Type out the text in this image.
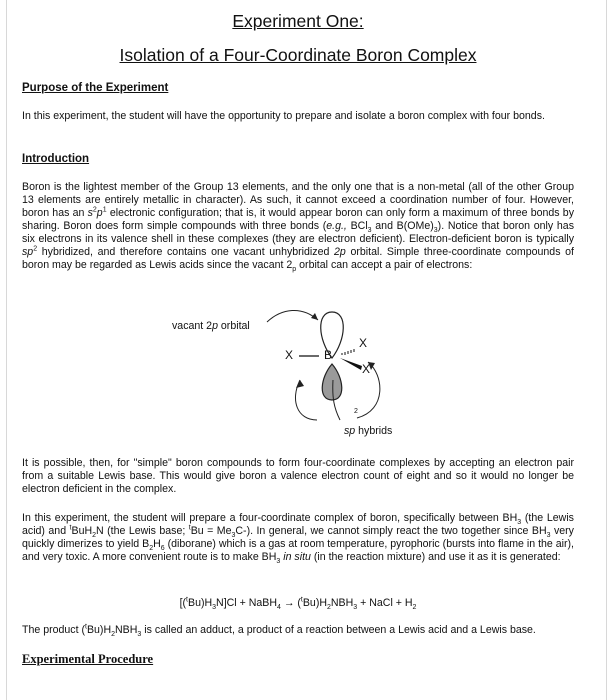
Experiment One:
Isolation of a Four-Coordinate Boron Complex
Purpose of the Experiment
In this experiment, the student will have the opportunity to prepare and isolate a boron complex with four bonds.
Introduction
Boron is the lightest member of the Group 13 elements, and the only one that is a non-metal (all of the other Group 13 elements are entirely metallic in character). As such, it cannot exceed a coordination number of four. However, boron has an $s^2p^1$ electronic configuration; that is, it would appear boron can only form a maximum of three bonds by sharing. Boron does form simple compounds with three bonds (e.g., BCl$_3$ and $B(OMe)_3$). Notice that boron only has six electrons in its valence shell in these complexes (they are electron deficient). Electron-deficient boron is typically $sp^2$ hybridized, and therefore contains one vacant unhybridized 2p orbital. Simple three-coordinate compounds of boron may be regarded as Lewis acids since the vacant $2_p$ orbital can accept a pair of electrons:
vacant 2p orbital
X	B
X
X
2
sp hybrids
It is possible, then, for "simple" boron compounds to form four-coordinate complexes by accepting an electron pair from a suitable Lewis base. This would give boron a valence electron count of eight and so it would no longer be electron deficient in the complex.
In this experiment, the student will prepare a four-coordinate complex of boron, specifically between $BH_3$ (the Lewis acid) and $^t$BuH$_2$N (the Lewis base; $^tBu = Me_3C-$). In general, we cannot simply react the two together since $BH_3$ very quickly dimerizes to yield $B_2H_6$ (diborane) which is a gas at room temperature, pyrophoric (bursts into flame in the air), and very toxic. A more convenient route is to make $BH_3$ in situ (in the reaction mixture) and use it as it is generated:
$[(^tBu)H_3N]Cl$ + NaBH$_4$ → $(^tBu)H_2NBH_3$ + NaCl + $H_2$
The product $(^tBu)H_2NBH_3$ is called an adduct, a product of a reaction between a Lewis acid and a Lewis base.
Experimental Procedure
